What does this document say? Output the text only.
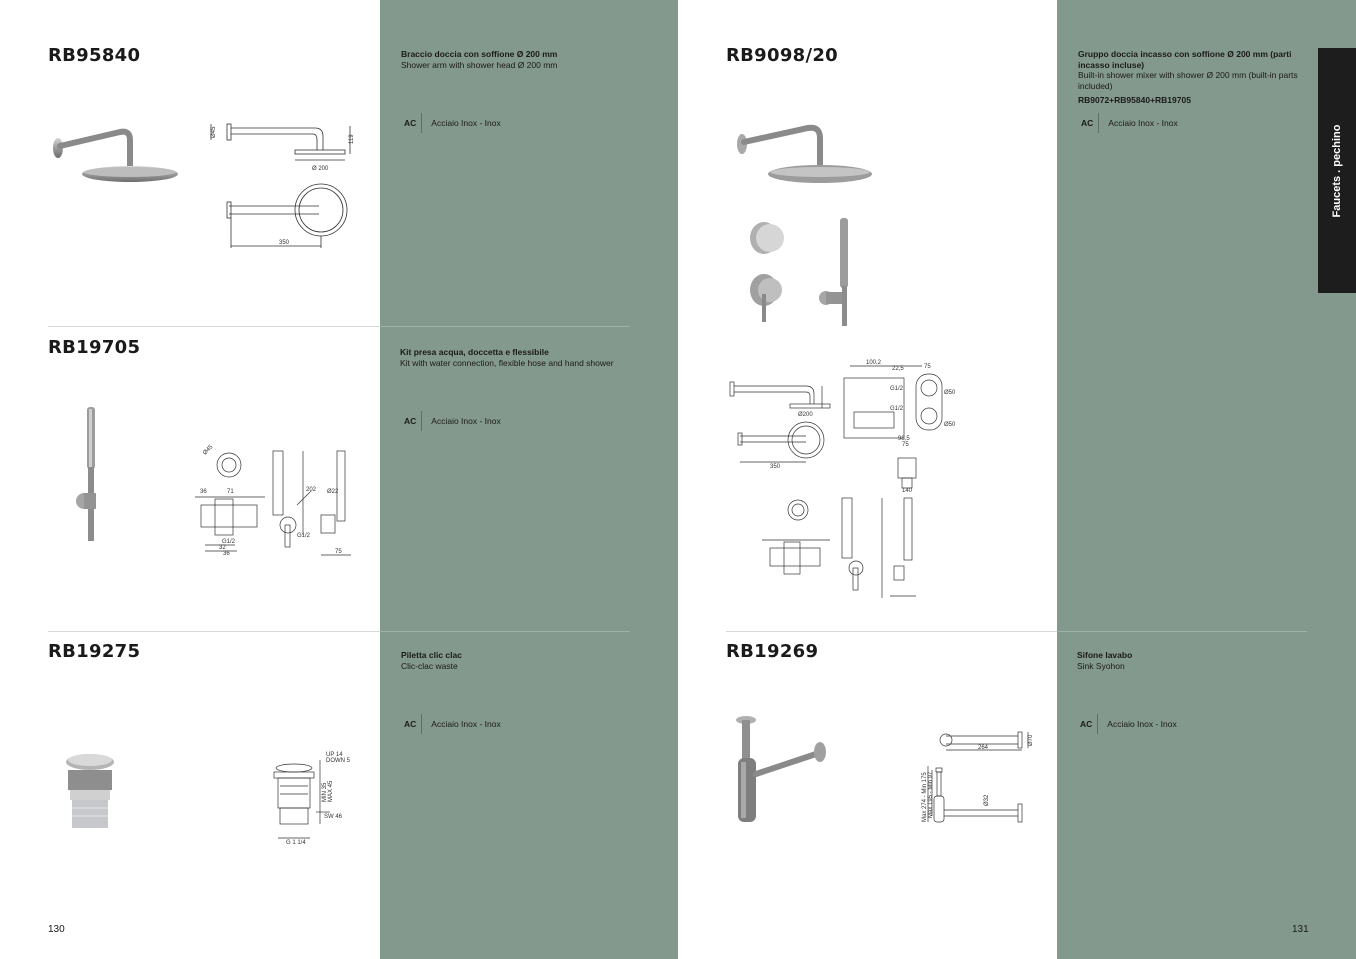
Faucets . pechino
RB95840	Braccio doccia con soffione Ø 200 mm
Shower arm with shower head Ø 200 mm
AC	Acciaio Inox - Inox
350
Ø 200
119
Ø45
RB19705	Kit presa acqua, doccetta e flessibile
Kit with water connection, flexible hose and hand shower
AC	Acciaio Inox - Inox
36	71
G1/2
32
36
Ø45
202
G1/2
Ø22
75
RB19275	Piletta clic clac
Clic-clac waste
AC	Acciaio Inox - Inox
UP 14
DOWN 5
MIN 35 MAX 45
SW 46
G 1 1/4
130
RB9098/20	Gruppo doccia incasso con soffione Ø 200 mm (parti incasso incluse)
Built-in shower mixer with shower Ø 200 mm (built-in parts included)
RB9072+RB95840+RB19705
AC	Acciaio Inox - Inox
100,2
22,5	75
Ø50
Ø50
G1/2
G1/2
Ø200
350
98,5
75
140
RB19269	Sifone lavabo
Sink Syohon
AC	Acciaio Inox - Inox
264
Ø70
Max 274 - Min 175 Max 195 - Min 97	Ø32
131
